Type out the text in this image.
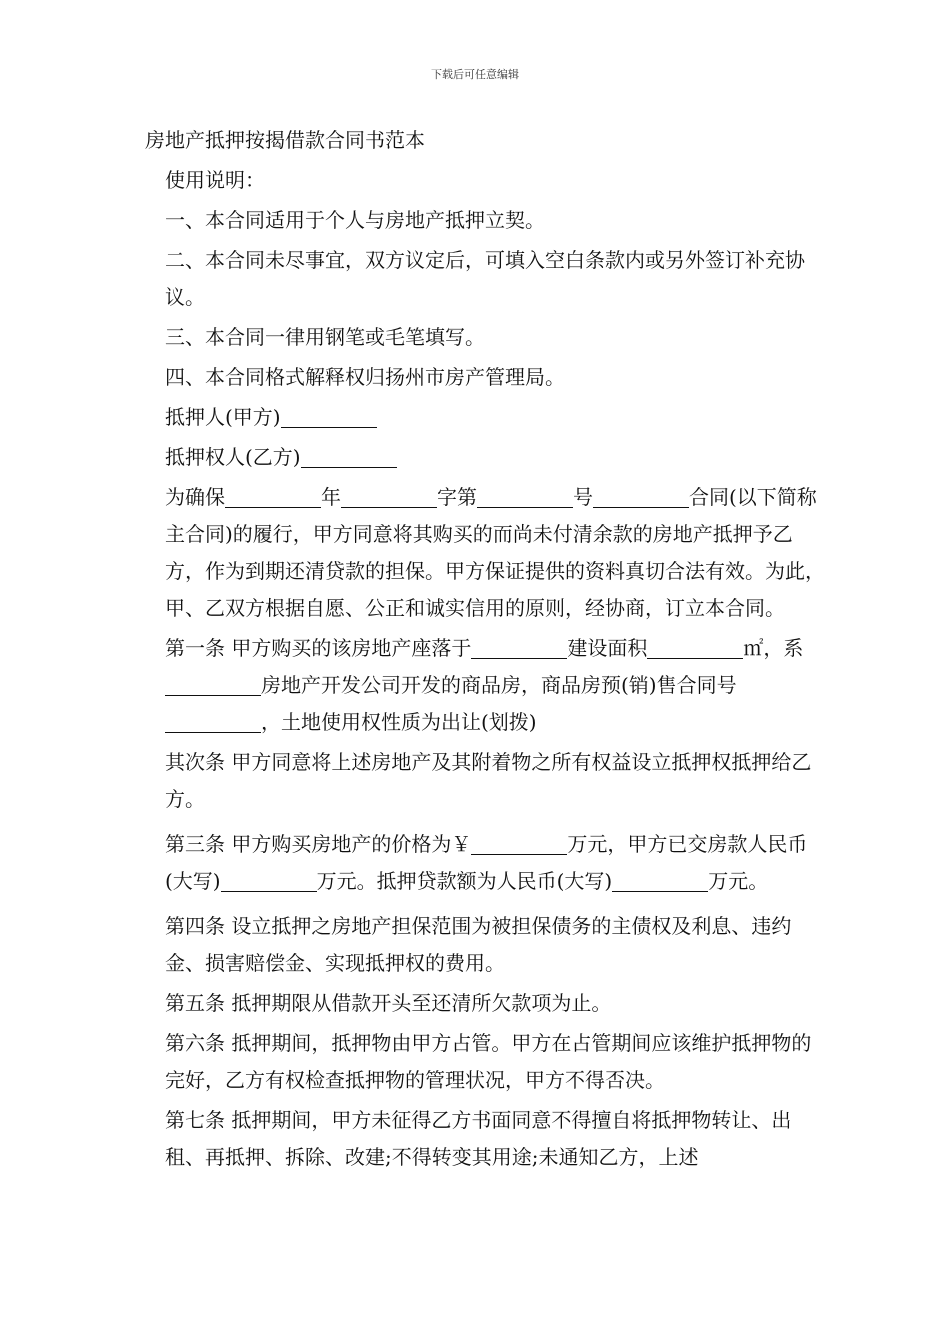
下载后可任意编辑

房地产抵押按揭借款合同书范本

使用说明：

一、本合同适用于个人与房地产抵押立契。

二、本合同未尽事宜，双方议定后，可填入空白条款内或另外签订补充协议。

三、本合同一律用钢笔或毛笔填写。

四、本合同格式解释权归扬州市房产管理局。

抵押人(甲方)

抵押权人(乙方)

为确保	年	字第	号	合同(以下简称主合同)的履行，甲方同意将其购买的而尚未付清余款的房地产抵押予乙方，作为到期还清贷款的担保。甲方保证提供的资料真切合法有效。为此，甲、乙双方根据自愿、公正和诚实信用的原则，经协商，订立本合同。

第一条 甲方购买的该房地产座落于	建设面积	㎡，系房地产开发公司开发的商品房，商品房预(销)售合同号，土地使用权性质为出让(划拨)

其次条 甲方同意将上述房地产及其附着物之所有权益设立抵押权抵押给乙方。

第三条 甲方购买房地产的价格为￥	万元，甲方已交房款人民币(大写)	万元。抵押贷款额为人民币(大写)	万元。

第四条 设立抵押之房地产担保范围为被担保债务的主债权及利息、违约金、损害赔偿金、实现抵押权的费用。

第五条 抵押期限从借款开头至还清所欠款项为止。

第六条 抵押期间，抵押物由甲方占管。甲方在占管期间应该维护抵押物的完好，乙方有权检查抵押物的管理状况，甲方不得否决。

第七条 抵押期间，甲方未征得乙方书面同意不得擅自将抵押物转让、出租、再抵押、拆除、改建;不得转变其用途;未通知乙方，上述
